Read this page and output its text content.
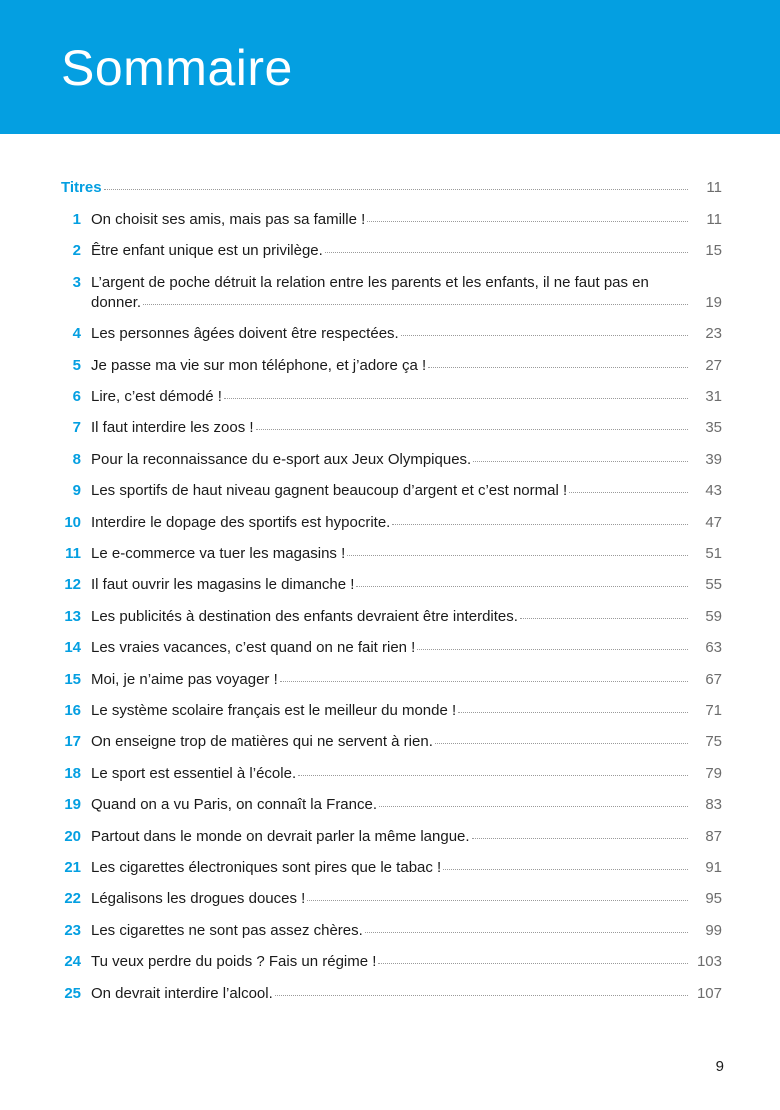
Sommaire
Titres	11
1 On choisit ses amis, mais pas sa famille !	11
2 Être enfant unique est un privilège.	15
3 L’argent de poche détruit la relation entre les parents et les enfants, il ne faut pas en
donner.	19
4 Les personnes âgées doivent être respectées.	23
5 Je passe ma vie sur mon téléphone, et j’adore ça !	27
6 Lire, c’est démodé !	31
7 Il faut interdire les zoos !	35
8 Pour la reconnaissance du e-sport aux Jeux Olympiques.	39
9 Les sportifs de haut niveau gagnent beaucoup d’argent et c’est normal !	43
10 Interdire le dopage des sportifs est hypocrite.	47
11 Le e-commerce va tuer les magasins !	51
12 Il faut ouvrir les magasins le dimanche !	55
13 Les publicités à destination des enfants devraient être interdites.	59
14 Les vraies vacances, c’est quand on ne fait rien !	63
15 Moi, je n’aime pas voyager !	67
16 Le système scolaire français est le meilleur du monde !	71
17 On enseigne trop de matières qui ne servent à rien.	75
18 Le sport est essentiel à l’école.	79
19 Quand on a vu Paris, on connaît la France.	83
20 Partout dans le monde on devrait parler la même langue.	87
21 Les cigarettes électroniques sont pires que le tabac !	91
22 Légalisons les drogues douces !	95
23 Les cigarettes ne sont pas assez chères.	99
24 Tu veux perdre du poids ? Fais un régime !	103
25 On devrait interdire l’alcool.	107
9
